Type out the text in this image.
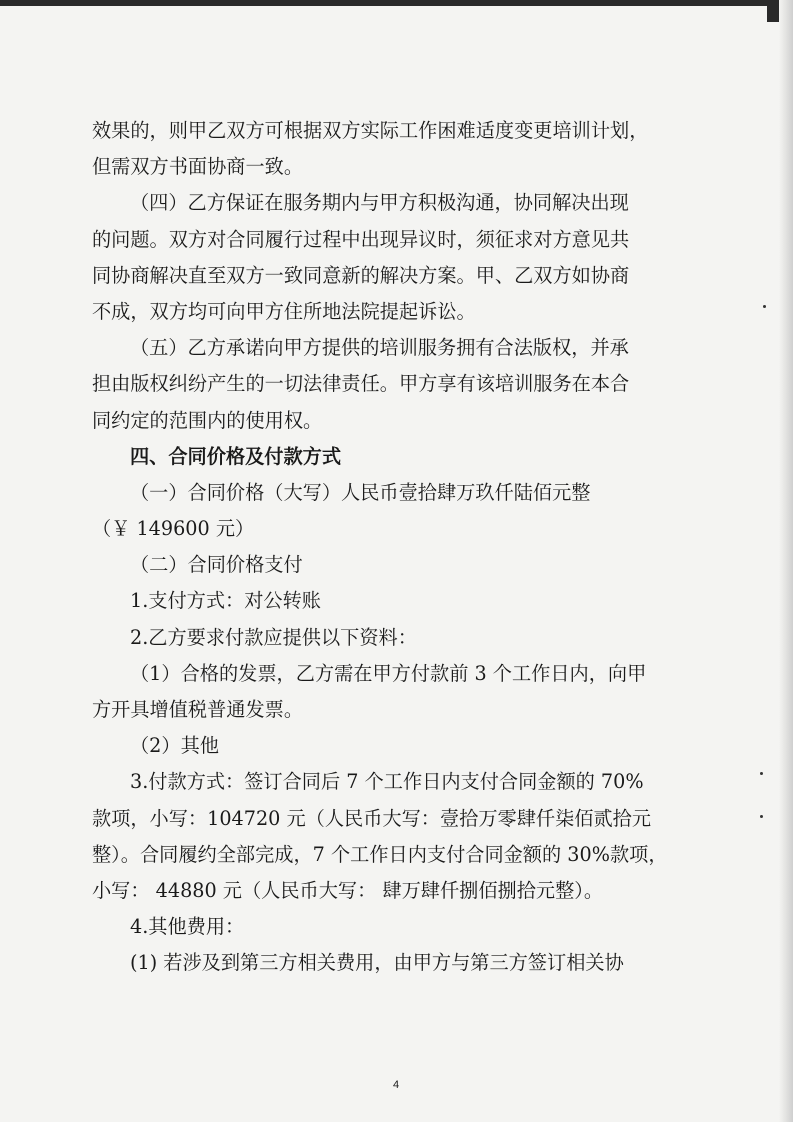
效果的，则甲乙双方可根据双方实际工作困难适度变更培训计划，
但需双方书面协商一致。
（四）乙方保证在服务期内与甲方积极沟通，协同解决出现
的问题。双方对合同履行过程中出现异议时，须征求对方意见共
同协商解决直至双方一致同意新的解决方案。甲、乙双方如协商
不成，双方均可向甲方住所地法院提起诉讼。
（五）乙方承诺向甲方提供的培训服务拥有合法版权，并承
担由版权纠纷产生的一切法律责任。甲方享有该培训服务在本合
同约定的范围内的使用权。
四、合同价格及付款方式
（一）合同价格（大写）人民币壹拾肆万玖仟陆佰元整
（￥ 149600 元）
（二）合同价格支付
1.支付方式：对公转账
2.乙方要求付款应提供以下资料：
（1）合格的发票，乙方需在甲方付款前 3 个工作日内，向甲
方开具增值税普通发票。
（2）其他
3.付款方式：签订合同后 7 个工作日内支付合同金额的 70%
款项，小写：104720 元（人民币大写：壹拾万零肆仟柒佰贰拾元
整）。合同履约全部完成，7 个工作日内支付合同金额的 30%款项，
小写： 44880 元（人民币大写： 肆万肆仟捌佰捌拾元整）。
4.其他费用：
(1) 若涉及到第三方相关费用，由甲方与第三方签订相关协
4
